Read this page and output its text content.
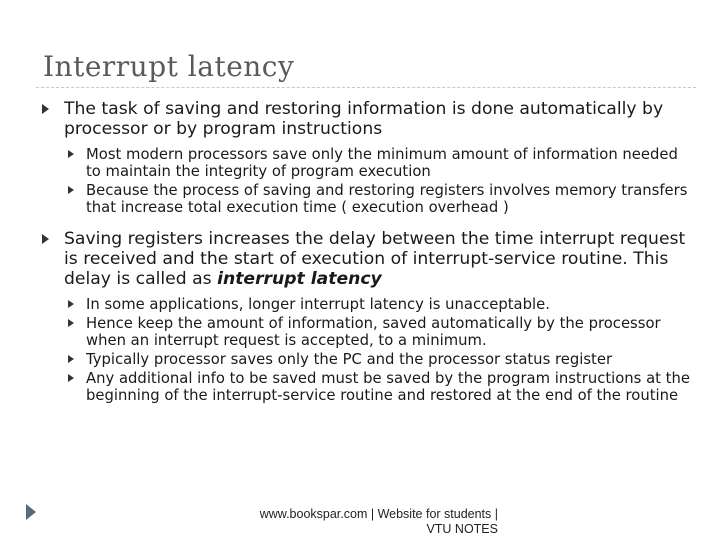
Interrupt latency
The task of saving and restoring information is done automatically by processor or by program instructions
Most modern processors save only the minimum amount of information needed to maintain the integrity of program execution
Because the process of saving and restoring registers involves memory transfers that increase total execution time ( execution overhead )
Saving registers increases the delay between the time interrupt request is received and the start of execution of interrupt-service routine. This delay is called as interrupt latency
In some applications, longer interrupt latency is unacceptable.
Hence keep the amount of information, saved automatically by the processor when an interrupt request is accepted, to a minimum.
Typically processor saves only the PC and the processor status register
Any additional info to be saved must be saved by the program instructions at the beginning of the interrupt-service routine and restored at the end of the routine
www.bookspar.com | Website for students |
VTU NOTES
